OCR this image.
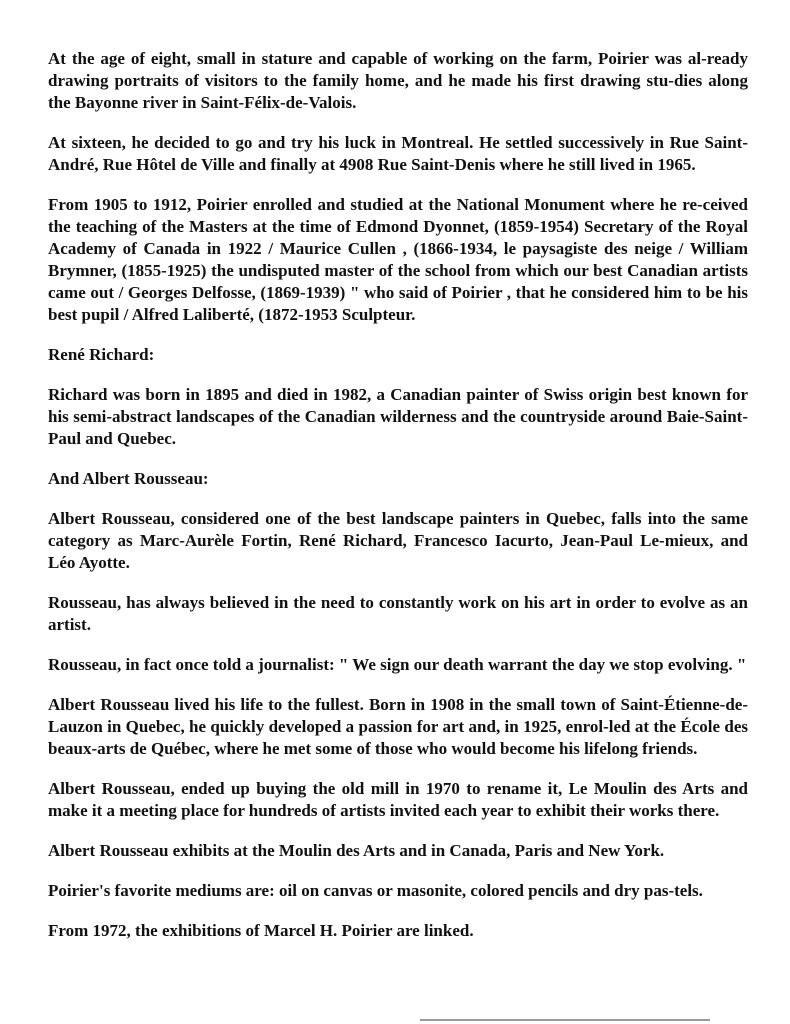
At the age of eight, small in stature and capable of working on the farm, Poirier was al-ready drawing portraits of visitors to the family home, and he made his first drawing stu-dies along the Bayonne river in Saint-Félix-de-Valois.

At sixteen, he decided to go and try his luck in Montreal. He settled successively in Rue Saint-André, Rue Hôtel de Ville and finally at 4908 Rue Saint-Denis where he still lived in 1965.

From 1905 to 1912, Poirier enrolled and studied at the National Monument where he re-ceived the teaching of the Masters at the time of Edmond Dyonnet, (1859-1954) Secretary of the Royal Academy of Canada in 1922 / Maurice Cullen , (1866-1934, le paysagiste des neige / William Brymner, (1855-1925) the undisputed master of the school from which our best Canadian artists came out / Georges Delfosse, (1869-1939) " who said of Poirier , that he considered him to be his best pupil / Alfred Laliberté, (1872-1953 Sculpteur.

René Richard:

Richard was born in 1895 and died in 1982, a Canadian painter of Swiss origin best known for his semi-abstract landscapes of the Canadian wilderness and the countryside around Baie-Saint-Paul and Quebec.

And Albert Rousseau:

Albert Rousseau, considered one of the best landscape painters in Quebec, falls into the same category as Marc-Aurèle Fortin, René Richard, Francesco Iacurto, Jean-Paul Le-mieux, and Léo Ayotte.

Rousseau, has always believed in the need to constantly work on his art in order to evolve as an artist.

Rousseau, in fact once told a journalist: " We sign our death warrant the day we stop evolving. "

Albert Rousseau lived his life to the fullest. Born in 1908 in the small town of Saint-Étienne-de-Lauzon in Quebec, he quickly developed a passion for art and, in 1925, enrol-led at the École des beaux-arts de Québec, where he met some of those who would become his lifelong friends.

Albert Rousseau, ended up buying the old mill in 1970 to rename it, Le Moulin des Arts and make it a meeting place for hundreds of artists invited each year to exhibit their works there.

Albert Rousseau exhibits at the Moulin des Arts and in Canada, Paris and New York.

Poirier's favorite mediums are: oil on canvas or masonite, colored pencils and dry pas-tels.

From 1972, the exhibitions of Marcel H. Poirier are linked.
